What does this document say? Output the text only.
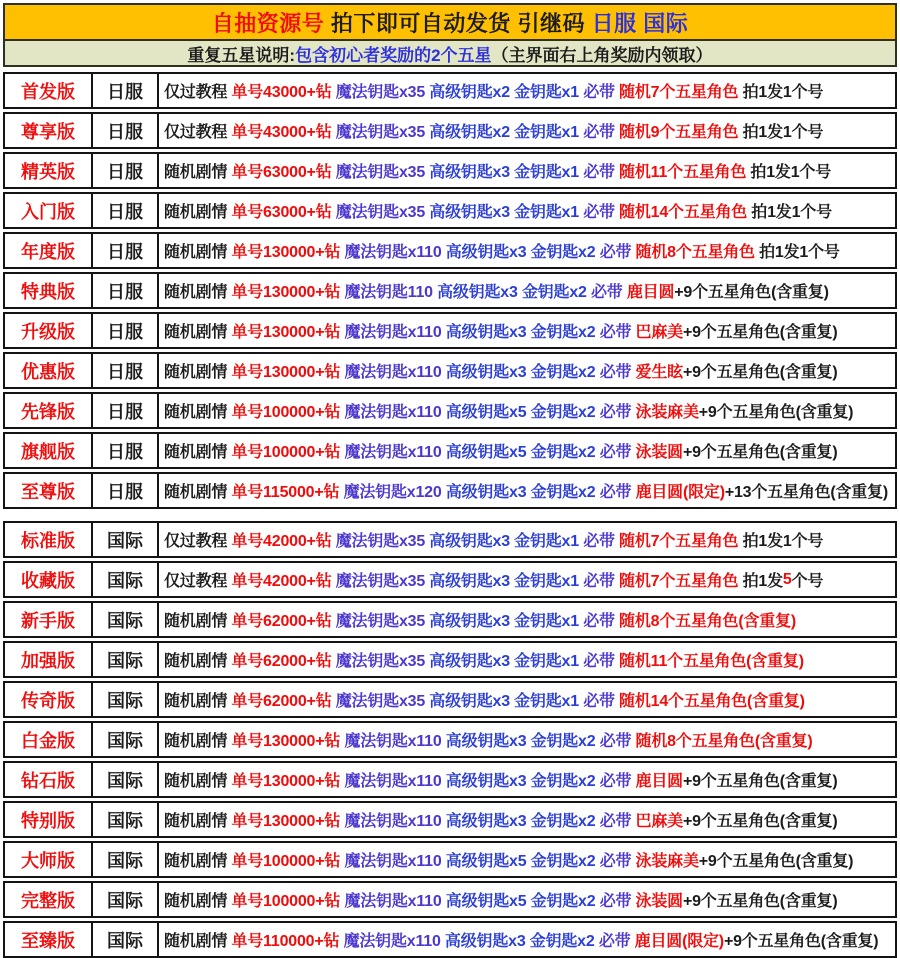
自抽资源号 拍下即可自动发货 引继码 日服 国际
重复五星说明: 包含初心者奖励的2个五星 （主界面右上角奖励内领取）
首发版	日服	仅过教程 单号43000+钻 魔法钥匙x35 高级钥匙x2 金钥匙x1 必带 随机7个五星角色 拍1发1个号
尊享版	日服	仅过教程 单号43000+钻 魔法钥匙x35 高级钥匙x2 金钥匙x1 必带 随机9个五星角色 拍1发1个号
精英版	日服	随机剧情 单号63000+钻 魔法钥匙x35 高级钥匙x3 金钥匙x1 必带 随机11个五星角色 拍1发1个号
入门版	日服	随机剧情 单号63000+钻 魔法钥匙x35 高级钥匙x3 金钥匙x1 必带 随机14个五星角色 拍1发1个号
年度版	日服	随机剧情 单号130000+钻 魔法钥匙x110 高级钥匙x3 金钥匙x2 必带 随机8个五星角色 拍1发1个号
特典版	日服	随机剧情 单号130000+钻 魔法钥匙110 高级钥匙x3 金钥匙x2 必带 鹿目圆 +9个五星角色(含重复)
升级版	日服	随机剧情 单号130000+钻 魔法钥匙x110 高级钥匙x3 金钥匙x2 必带 巴麻美 +9个五星角色(含重复)
优惠版	日服	随机剧情 单号130000+钻 魔法钥匙x110 高级钥匙x3 金钥匙x2 必带 爱生眩 +9个五星角色(含重复)
先锋版	日服	随机剧情 单号100000+钻 魔法钥匙x110 高级钥匙x5 金钥匙x2 必带 泳装麻美 +9个五星角色(含重复)
旗舰版	日服	随机剧情 单号100000+钻 魔法钥匙x110 高级钥匙x5 金钥匙x2 必带 泳装圆 +9个五星角色(含重复)
至尊版	日服	随机剧情 单号115000+钻 魔法钥匙x120 高级钥匙x3 金钥匙x2 必带 鹿目圆(限定) +13个五星角色(含重复)
标准版	国际	仅过教程 单号42000+钻 魔法钥匙x35 高级钥匙x3 金钥匙x1 必带 随机7个五星角色 拍1发1个号
收藏版	国际	仅过教程 单号42000+钻 魔法钥匙x35 高级钥匙x3 金钥匙x1 必带 随机7个五星角色 拍1发 5 个号
新手版	国际	随机剧情 单号62000+钻 魔法钥匙x35 高级钥匙x3 金钥匙x1 必带 随机8个五星角色(含重复)
加强版	国际	随机剧情 单号62000+钻 魔法钥匙x35 高级钥匙x3 金钥匙x1 必带 随机11个五星角色(含重复)
传奇版	国际	随机剧情 单号62000+钻 魔法钥匙x35 高级钥匙x3 金钥匙x1 必带 随机14个五星角色(含重复)
白金版	国际	随机剧情 单号130000+钻 魔法钥匙x110 高级钥匙x3 金钥匙x2 必带 随机8个五星角色(含重复)
钻石版	国际	随机剧情 单号130000+钻 魔法钥匙x110 高级钥匙x3 金钥匙x2 必带 鹿目圆 +9个五星角色(含重复)
特别版	国际	随机剧情 单号130000+钻 魔法钥匙x110 高级钥匙x3 金钥匙x2 必带 巴麻美 +9个五星角色(含重复)
大师版	国际	随机剧情 单号100000+钻 魔法钥匙x110 高级钥匙x5 金钥匙x2 必带 泳装麻美 +9个五星角色(含重复)
完整版	国际	随机剧情 单号100000+钻 魔法钥匙x110 高级钥匙x5 金钥匙x2 必带 泳装圆 +9个五星角色(含重复)
至臻版	国际	随机剧情 单号110000+钻 魔法钥匙x110 高级钥匙x3 金钥匙x2 必带 鹿目圆(限定) +9个五星角色(含重复)
